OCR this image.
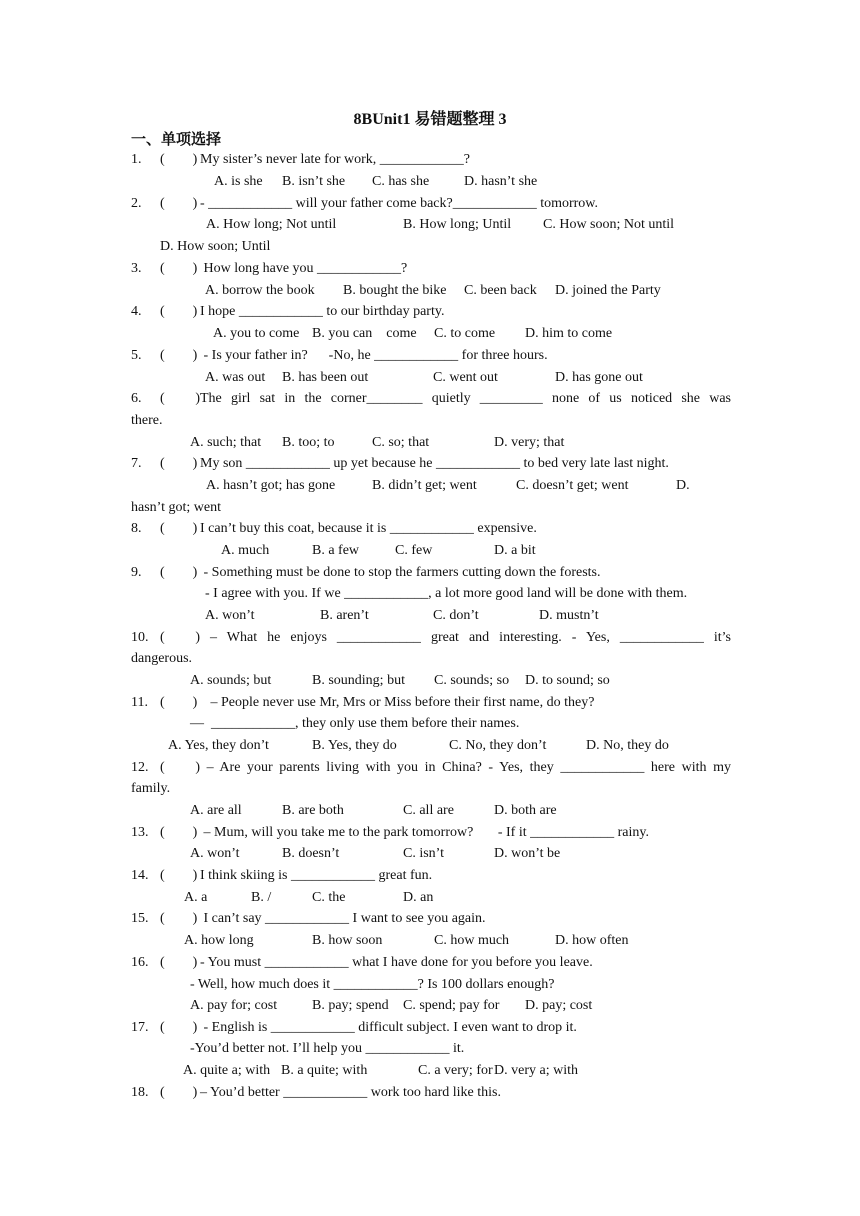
8BUnit1 易错题整理 3
一、单项选择
1. (        ) My sister’s never late for work, ____________?
A. is she B. isn’t she C. has she D. hasn’t she
2. (        ) - ____________ will your father come back?____________ tomorrow.
A. How long; Not until	B. How long; Until C. How soon; Not until
D. How soon; Until
3. (        ) How long have you ____________?
A. borrow the book B. bought the bike C. been back D. joined the Party
4. (        ) I hope ____________ to our birthday party.
A. you to come B. you can    come C. to come D. him to come
5. (        ) - Is your father in?      -No, he ____________ for three hours.
A. was out B. has been out	C. went out	D. has gone out
6. ( )The girl sat in the corner________ quietly _________ none of us noticed she was
there.
A. such; that B. too; to	C. so; that	D. very; that
7. (        ) My son ____________ up yet because he ____________ to bed very late last night.
A. hasn’t got; has gone	B. didn’t get; went	C. doesn’t get; went	D.
hasn’t got; went
8. (        ) I can’t buy this coat, because it is ____________ expensive.
A. much	B. a few	C. few	D. a bit
9. (        ) - Something must be done to stop the farmers cutting down the forests.
- I agree with you. If we ____________, a lot more good land will be done with them.
A. won’t	B. aren’t	C. don’t	D. mustn’t
10. ( ) – What he enjoys ____________ great and interesting. - Yes, ____________ it’s
dangerous.
A. sounds; but	B. sounding; but C. sounds; so D. to sound; so
11. (        )   – People never use Mr, Mrs or Miss before their first name, do they?
—  ____________, they only use them before their names.
A. Yes, they don’t	B. Yes, they do	C. No, they don’t	D. No, they do
12. ( ) – Are your parents living with you in China? - Yes, they ____________ here with my
family.
A. are all	B. are both	C. all are	D. both are
13. (        ) – Mum, will you take me to the park tomorrow?       - If it ____________ rainy.
A. won’t	B. doesn’t	C. isn’t	D. won’t be
14. (        ) I think skiing is ____________ great fun.
A. a	B. /	C. the	D. an
15. (        ) I can’t say ____________ I want to see you again.
A. how long	B. how soon	C. how much	D. how often
16. (        ) - You must ____________ what I have done for you before you leave.
- Well, how much does it ____________? Is 100 dollars enough?
A. pay for; cost B. pay; spend C. spend; pay for D. pay; cost
17. (        ) - English is ____________ difficult subject. I even want to drop it.
-You’d better not. I’ll help you ____________ it.
A. quite a; with B. a quite; with	C. a very; for D. very a; with
18. (        ) – You’d better ____________ work too hard like this.
